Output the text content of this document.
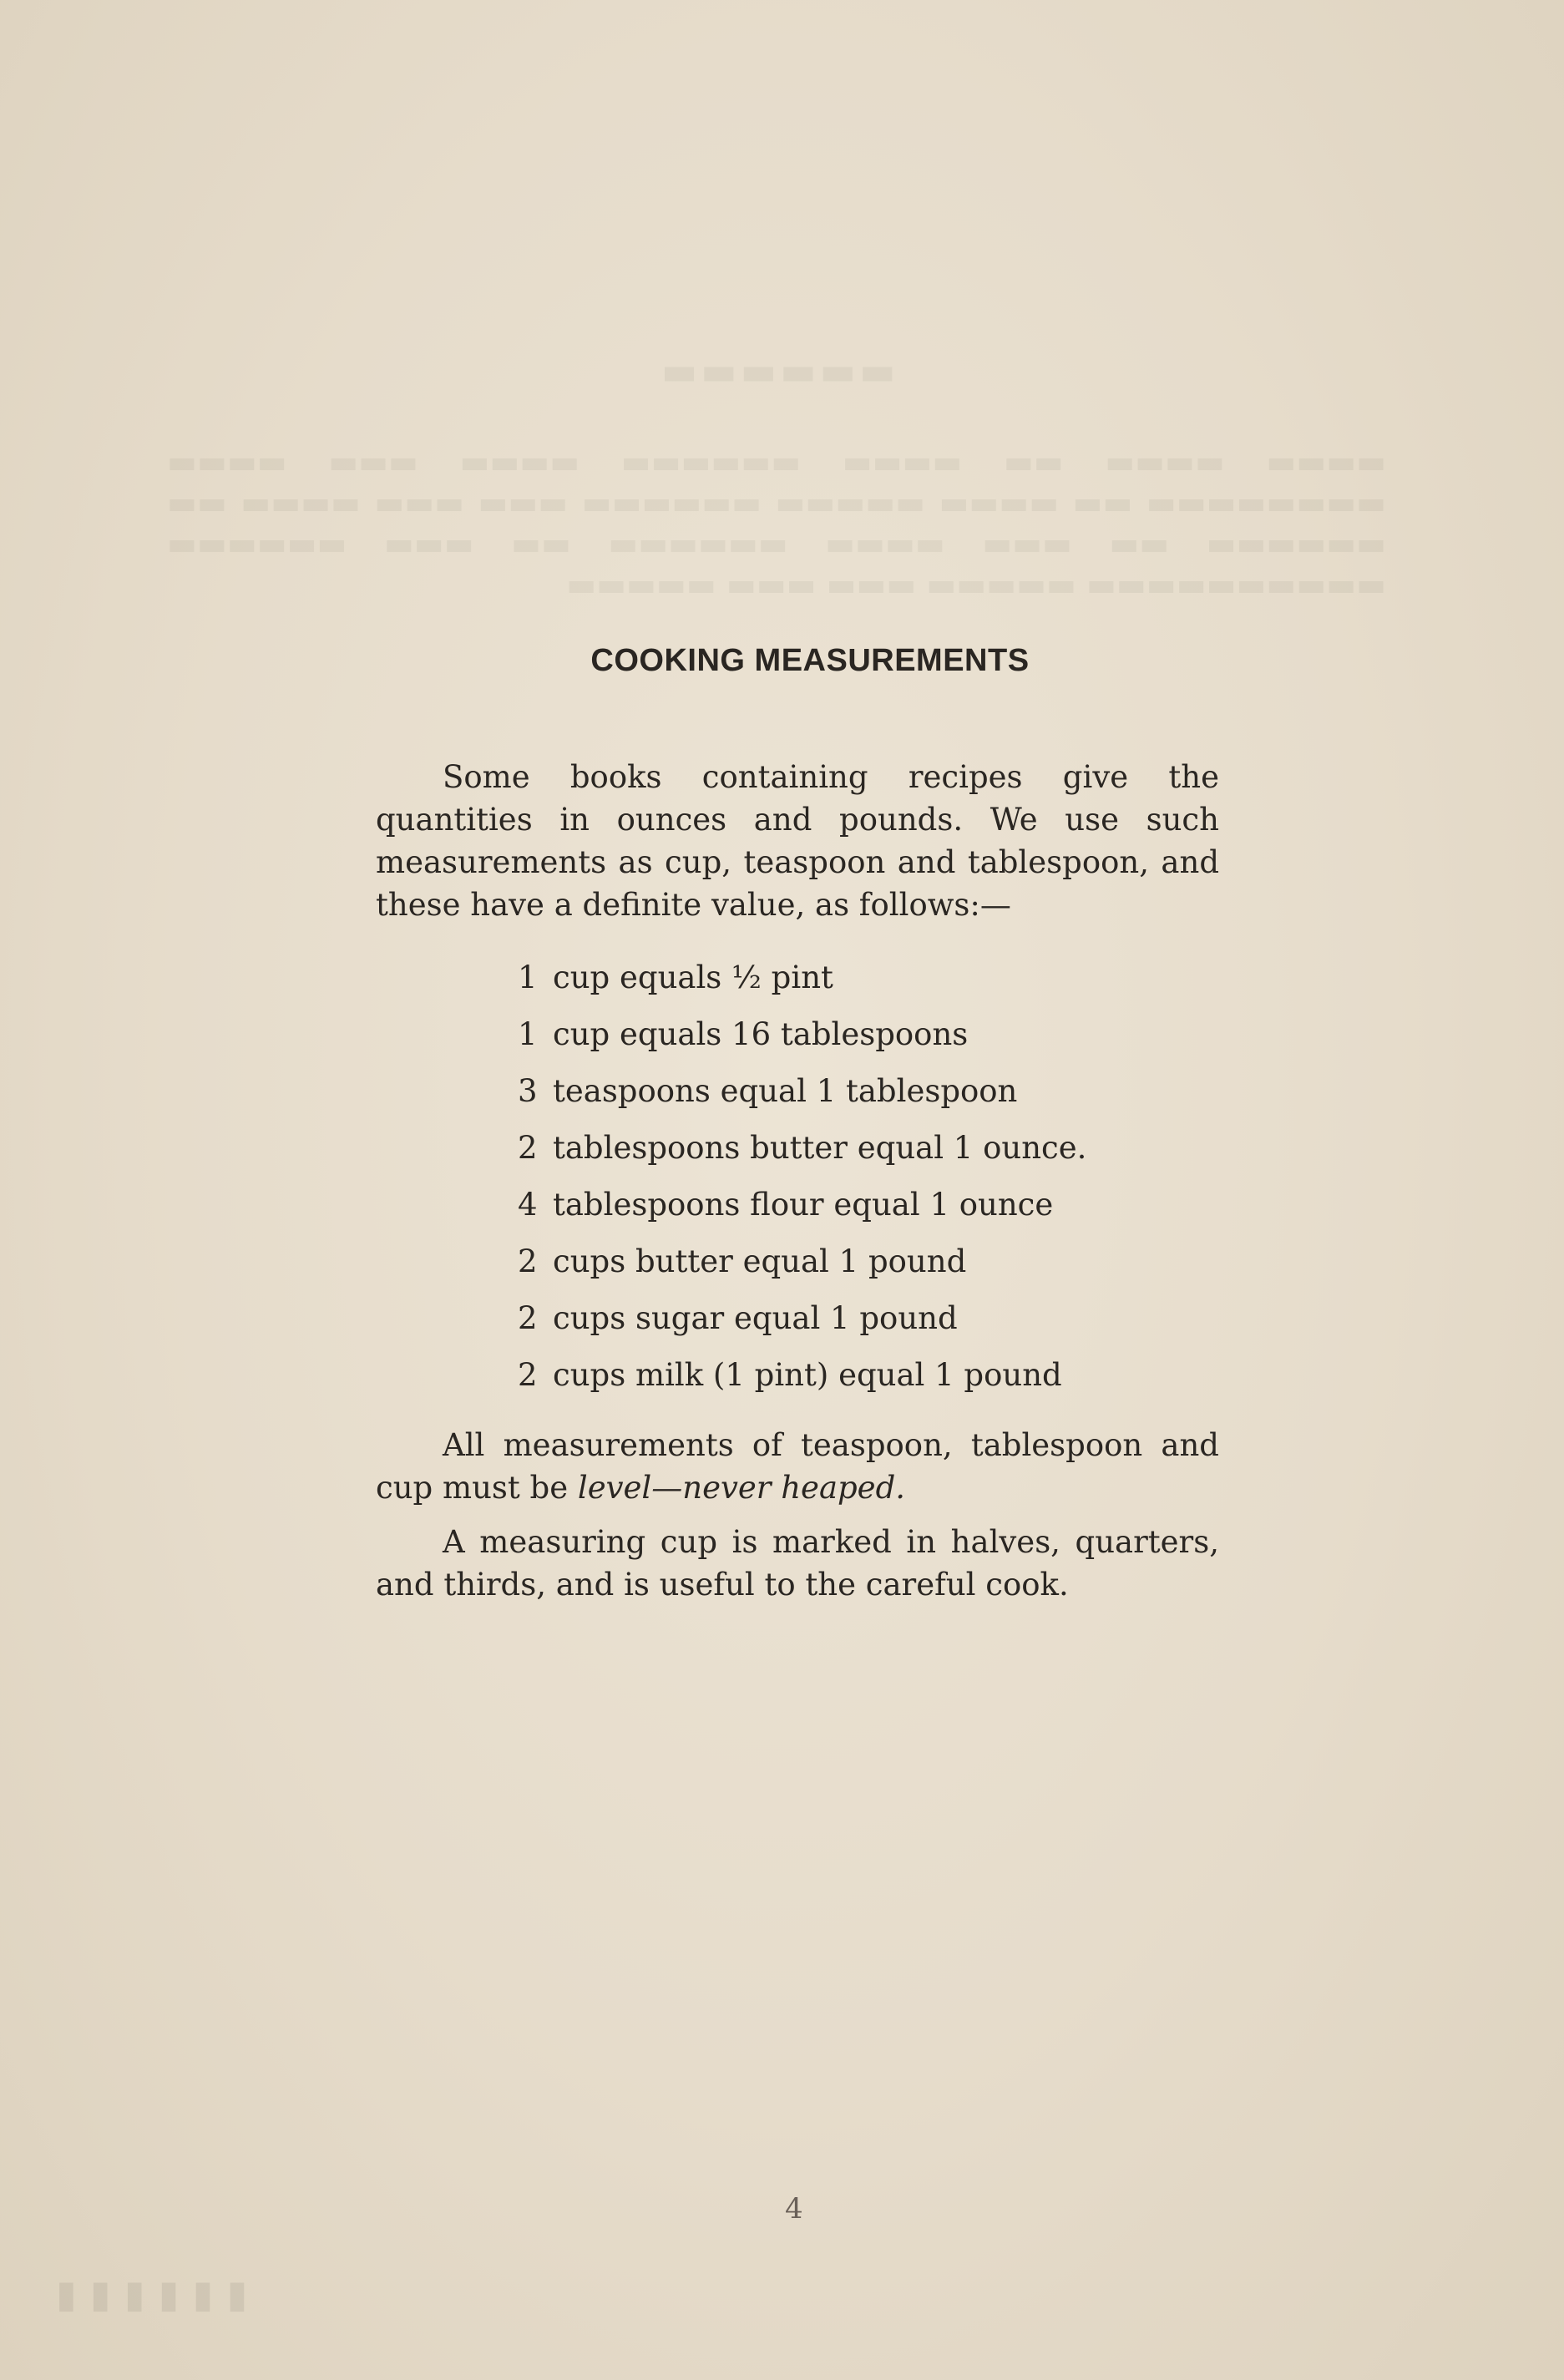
▬▬▬▬▬▬
▬▬▬▬ ▬▬▬▬ ▬▬ ▬▬▬▬ ▬▬▬▬▬▬ ▬▬▬▬ ▬▬▬ ▬▬▬▬ ▬▬▬▬▬▬▬▬ ▬▬ ▬▬▬▬ ▬▬▬▬▬ ▬▬▬▬▬▬ ▬▬▬ ▬▬▬ ▬▬▬▬ ▬▬ ▬▬▬▬▬▬ ▬▬ ▬▬▬ ▬▬▬▬ ▬▬▬▬▬▬ ▬▬ ▬▬▬ ▬▬▬▬▬▬ ▬▬▬▬▬▬▬▬▬▬ ▬▬▬▬▬ ▬▬▬ ▬▬▬ ▬▬▬▬▬
COOKING MEASUREMENTS

Some books containing recipes give the quantities in ounces and pounds. We use such measurements as cup, teaspoon and tablespoon, and these have a definite value, as follows:—

1 cup equals ½ pint
1 cup equals 16 tablespoons
3 teaspoons equal 1 tablespoon
2 tablespoons butter equal 1 ounce.
4 tablespoons flour equal 1 ounce
2 cups butter equal 1 pound
2 cups sugar equal 1 pound
2 cups milk (1 pint) equal 1 pound

All measurements of teaspoon, tablespoon and cup must be level—never heaped.

A measuring cup is marked in halves, quarters, and thirds, and is useful to the careful cook.

4
▮▮▮▮▮▮
